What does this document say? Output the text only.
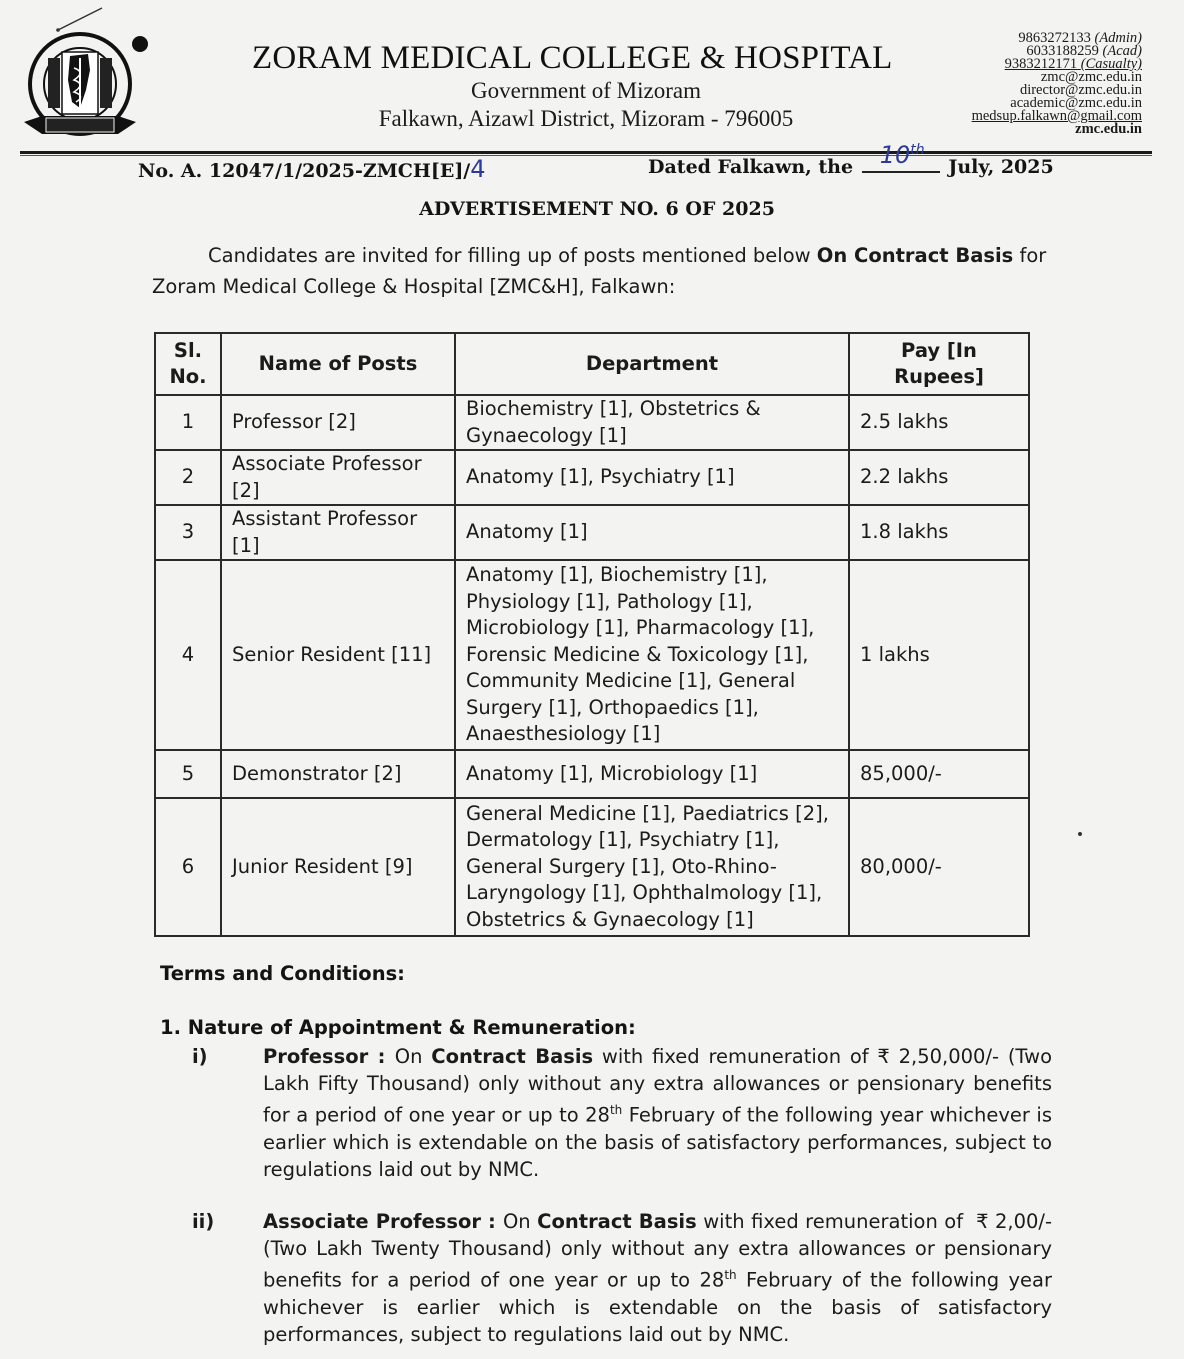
ZORAM MEDICAL COLLEGE & HOSPITAL
Government of Mizoram
Falkawn, Aizawl District, Mizoram - 796005
9863272133 (Admin)
6033188259 (Acad)
9383212171 (Casualty)
zmc@zmc.edu.in
director@zmc.edu.in
academic@zmc.edu.in
medsup.falkawn@gmail.com
zmc.edu.in
No. A. 12047/1/2025-ZMCH[E]/4	Dated Falkawn, the 10th
July, 2025
ADVERTISEMENT NO. 6 OF 2025

Candidates are invited for filling up of posts mentioned below On Contract Basis for Zoram Medical College & Hospital [ZMC&H], Falkawn:

Sl. No.	Name of Posts	Department	Pay [In Rupees]
1	Professor [2]	Biochemistry [1], Obstetrics & Gynaecology [1]	2.5 lakhs
2	Associate Professor [2]	Anatomy [1], Psychiatry [1]	2.2 lakhs
3	Assistant Professor [1]	Anatomy [1]	1.8 lakhs
4	Senior Resident [11]	Anatomy [1], Biochemistry [1], Physiology [1], Pathology [1], Microbiology [1], Pharmacology [1], Forensic Medicine & Toxicology [1], Community Medicine [1], General Surgery [1], Orthopaedics [1], Anaesthesiology [1]	1 lakhs
5	Demonstrator [2]	Anatomy [1], Microbiology [1]	85,000/-
6	Junior Resident [9]	General Medicine [1], Paediatrics [2], Dermatology [1], Psychiatry [1], General Surgery [1], Oto-Rhino-Laryngology [1], Ophthalmology [1], Obstetrics & Gynaecology [1]	80,000/-
Terms and Conditions:
1. Nature of Appointment & Remuneration:
i)	Professor : On Contract Basis with fixed remuneration of ₹ 2,50,000/- (Two Lakh Fifty Thousand) only without any extra allowances or pensionary benefits for a period of one year or up to 28th February of the following year whichever is earlier which is extendable on the basis of satisfactory performances, subject to regulations laid out by NMC.

ii) Associate Professor : On Contract Basis with fixed remuneration of  ₹ 2,00/- (Two Lakh Twenty Thousand) only without any extra allowances or pensionary benefits for a period of one year or up to 28th February of the following year whichever is earlier which is extendable on the basis of satisfactory performances, subject to regulations laid out by NMC.
